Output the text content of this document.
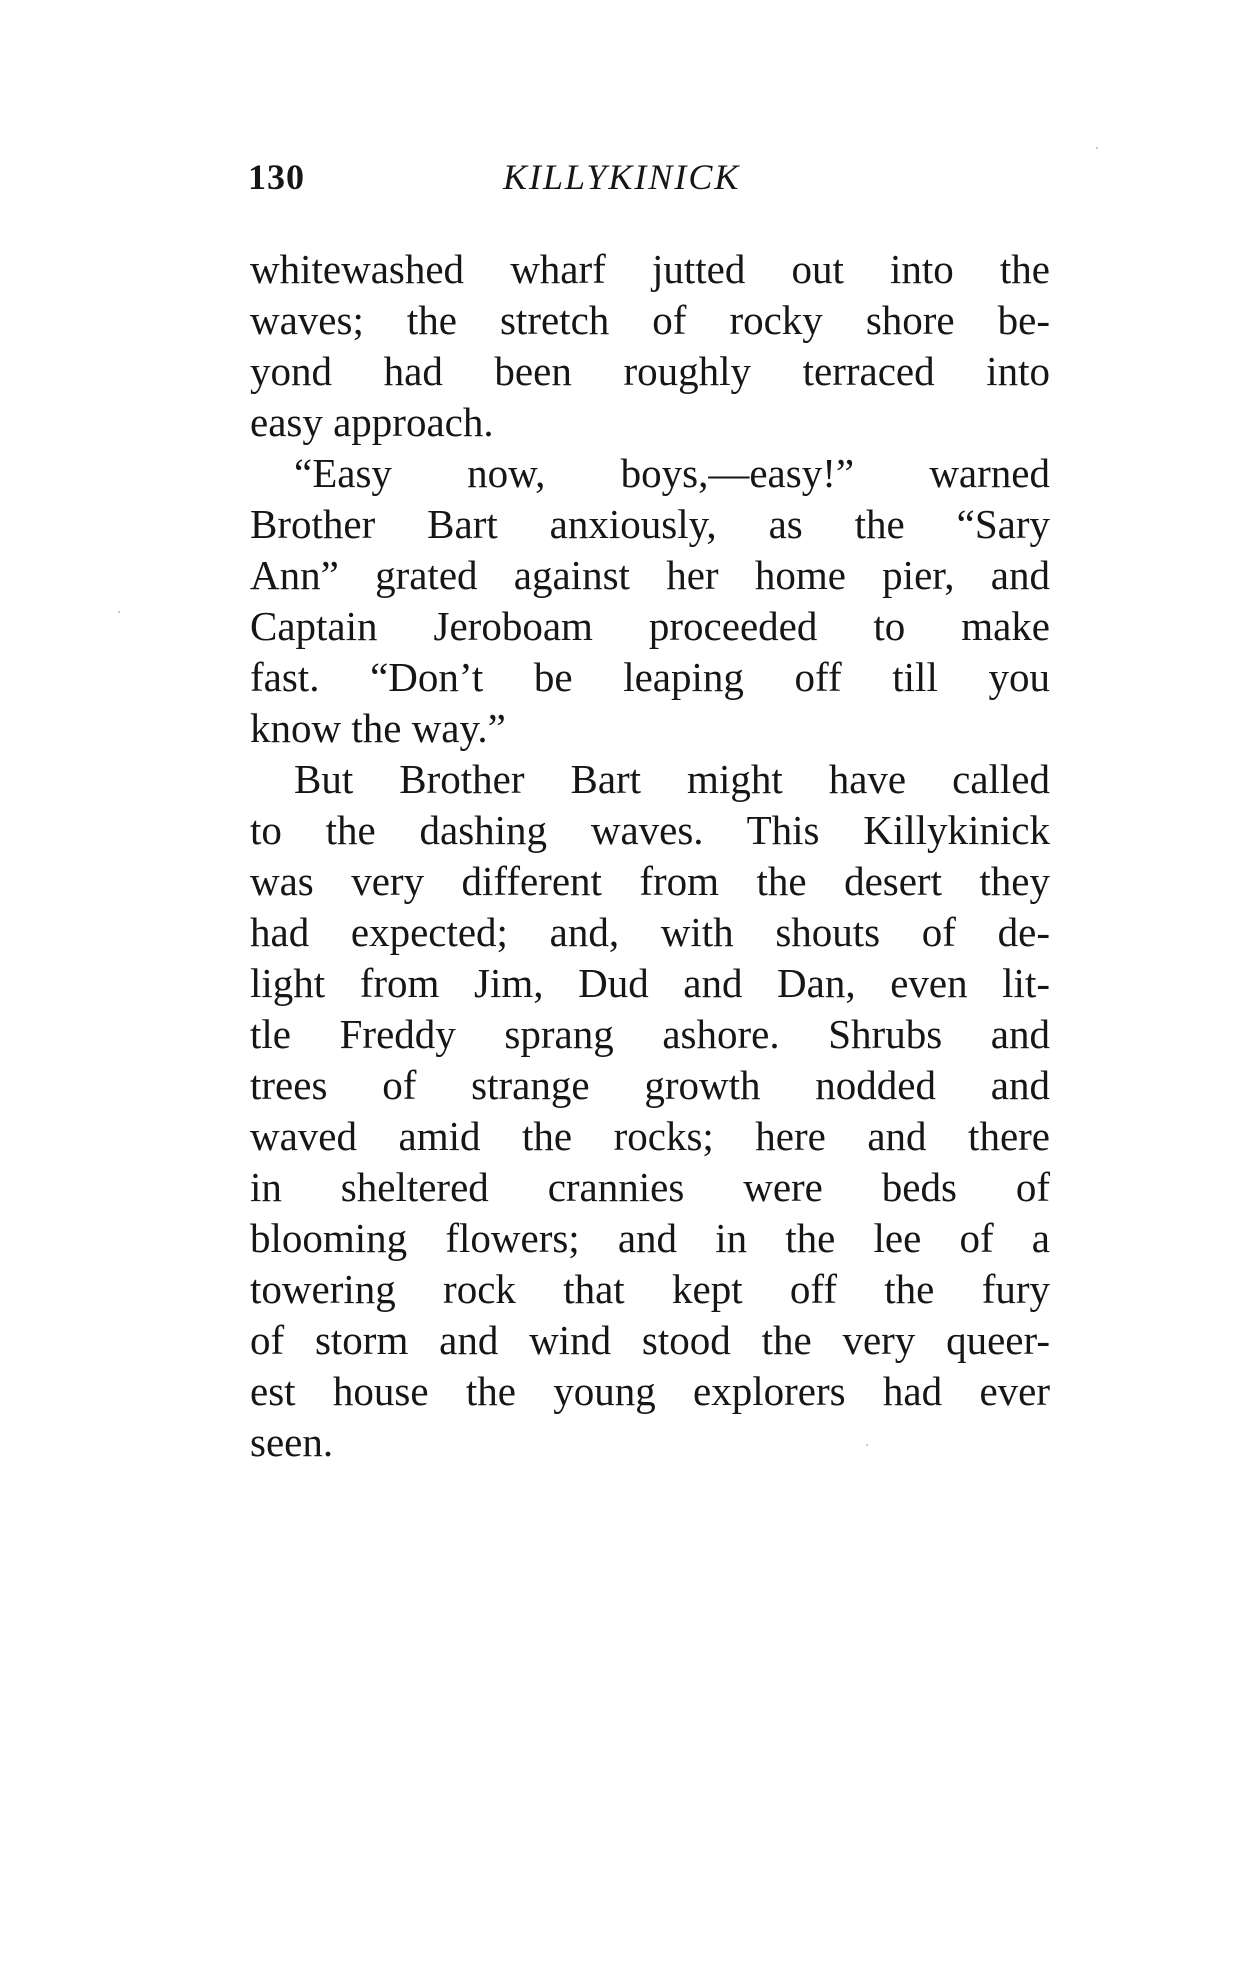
130	KILLYKINICK
whitewashed wharf jutted out into the
waves; the stretch of rocky shore be-
yond had been roughly terraced into
easy approach.
“Easy now, boys,—easy!” warned
Brother Bart anxiously, as the “Sary
Ann” grated against her home pier, and
Captain Jeroboam proceeded to make
fast. “Don’t be leaping off till you
know the way.”
But Brother Bart might have called
to the dashing waves. This Killykinick
was very different from the desert they
had expected; and, with shouts of de-
light from Jim, Dud and Dan, even lit-
tle Freddy sprang ashore. Shrubs and
trees of strange growth nodded and
waved amid the rocks; here and there
in sheltered crannies were beds of
blooming flowers; and in the lee of a
towering rock that kept off the fury
of storm and wind stood the very queer-
est house the young explorers had ever
seen.
